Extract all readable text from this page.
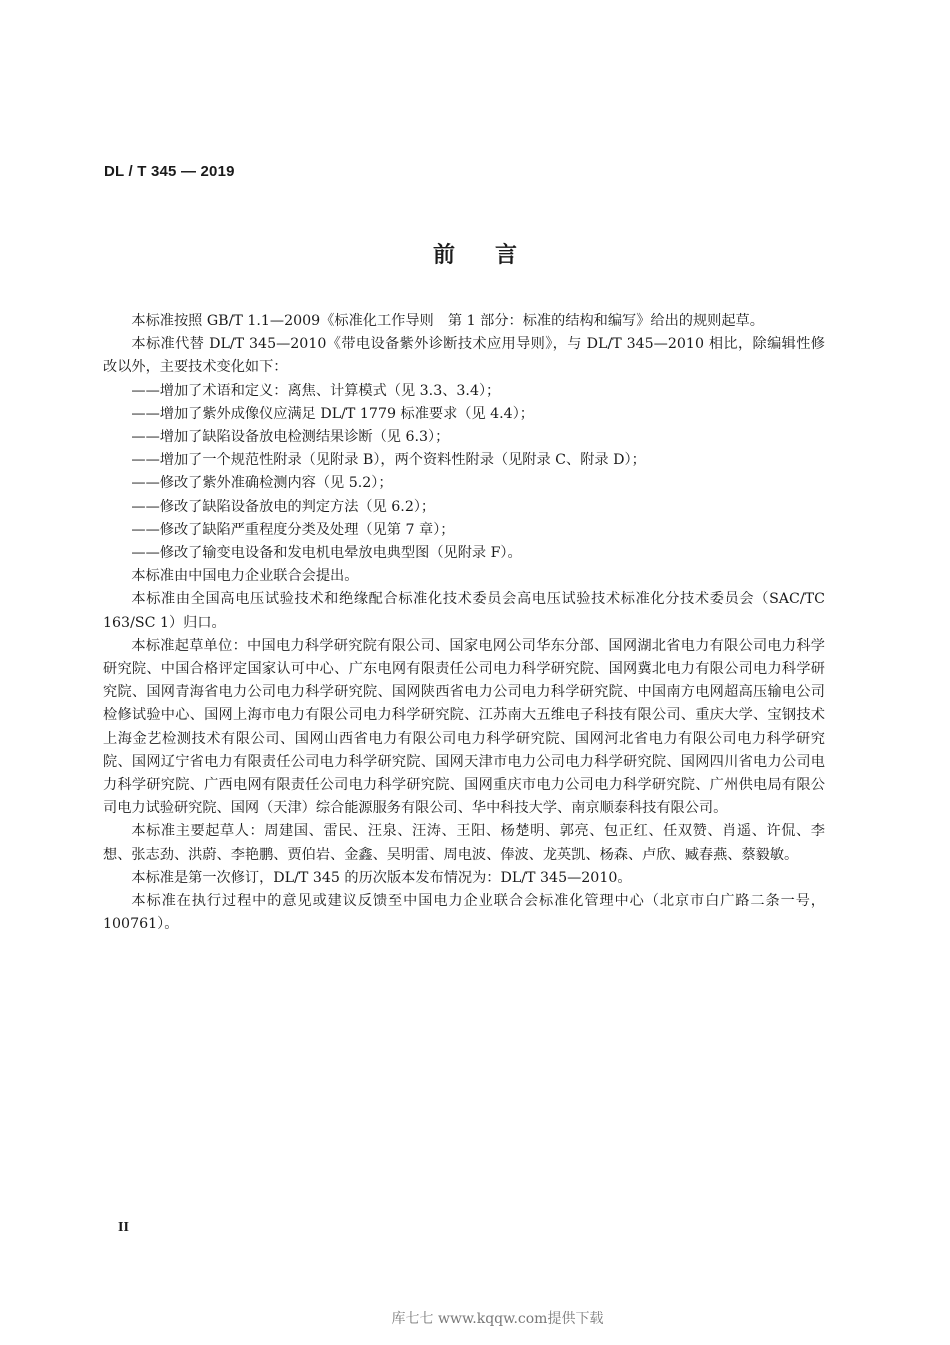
DL / T 345 — 2019
前言

本标准按照 GB/T 1.1—2009《标准化工作导则　第 1 部分：标准的结构和编写》给出的规则起草。

本标准代替 DL/T 345—2010《带电设备紫外诊断技术应用导则》，与 DL/T 345—2010 相比，除编辑性修改以外，主要技术变化如下：

——增加了术语和定义：离焦、计算模式（见 3.3、3.4）；

——增加了紫外成像仪应满足 DL/T 1779 标准要求（见 4.4）；

——增加了缺陷设备放电检测结果诊断（见 6.3）；

——增加了一个规范性附录（见附录 B），两个资料性附录（见附录 C、附录 D）；

——修改了紫外准确检测内容（见 5.2）；

——修改了缺陷设备放电的判定方法（见 6.2）；

——修改了缺陷严重程度分类及处理（见第 7 章）；

——修改了输变电设备和发电机电晕放电典型图（见附录 F）。

本标准由中国电力企业联合会提出。

本标准由全国高电压试验技术和绝缘配合标准化技术委员会高电压试验技术标准化分技术委员会（SAC/TC 163/SC 1）归口。

本标准起草单位：中国电力科学研究院有限公司、国家电网公司华东分部、国网湖北省电力有限公司电力科学研究院、中国合格评定国家认可中心、广东电网有限责任公司电力科学研究院、国网冀北电力有限公司电力科学研究院、国网青海省电力公司电力科学研究院、国网陕西省电力公司电力科学研究院、中国南方电网超高压输电公司检修试验中心、国网上海市电力有限公司电力科学研究院、江苏南大五维电子科技有限公司、重庆大学、宝钢技术上海金艺检测技术有限公司、国网山西省电力有限公司电力科学研究院、国网河北省电力有限公司电力科学研究院、国网辽宁省电力有限责任公司电力科学研究院、国网天津市电力公司电力科学研究院、国网四川省电力公司电力科学研究院、广西电网有限责任公司电力科学研究院、国网重庆市电力公司电力科学研究院、广州供电局有限公司电力试验研究院、国网（天津）综合能源服务有限公司、华中科技大学、南京顺泰科技有限公司。

本标准主要起草人：周建国、雷民、汪泉、汪涛、王阳、杨楚明、郭亮、包正红、任双赞、肖遥、许侃、李想、张志劲、洪蔚、李艳鹏、贾伯岩、金鑫、吴明雷、周电波、俸波、龙英凯、杨森、卢欣、臧春燕、蔡毅敏。

本标准是第一次修订，DL/T 345 的历次版本发布情况为：DL/T 345—2010。

本标准在执行过程中的意见或建议反馈至中国电力企业联合会标准化管理中心（北京市白广路二条一号，100761）。

II
库七七 www.kqqw.com提供下载
